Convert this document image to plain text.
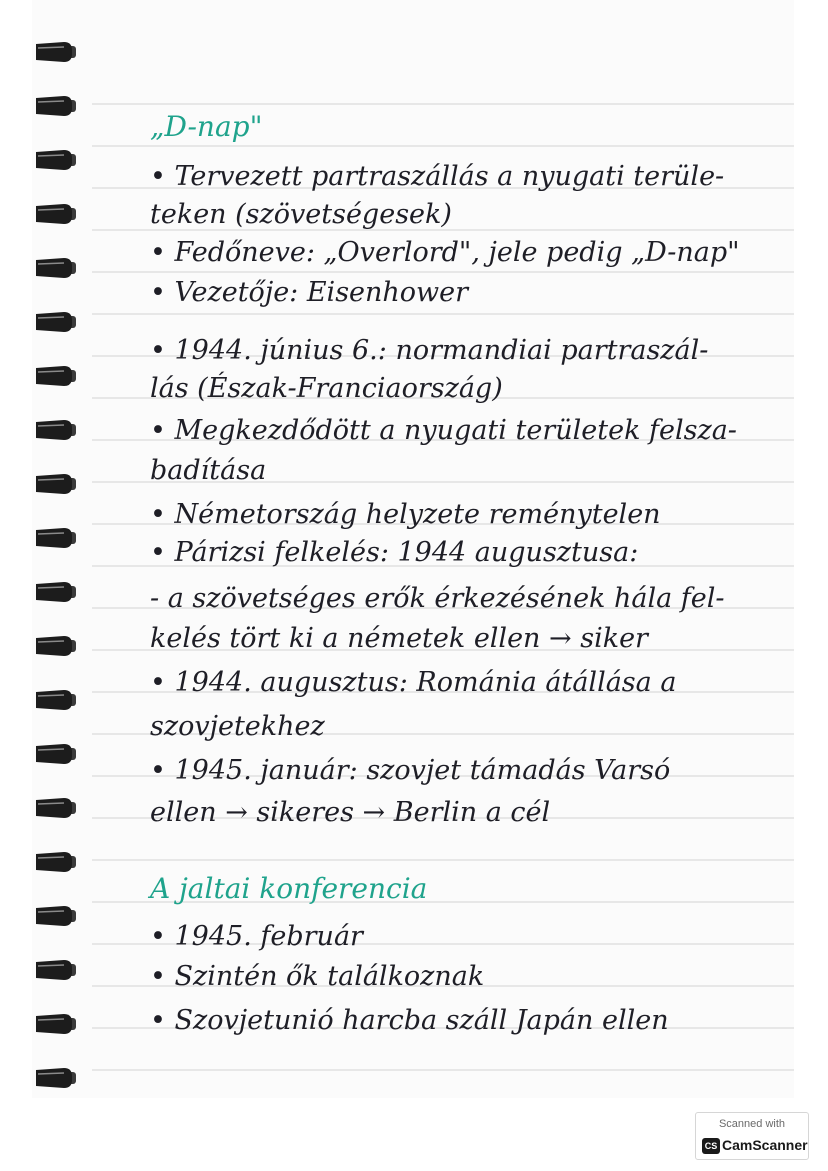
„D-nap"
• Tervezett partraszállás a nyugati terüle-
teken (szövetségesek)
• Fedőneve: „Overlord", jele pedig „D-nap"
• Vezetője: Eisenhower
• 1944. június 6.: normandiai partraszál-
lás (Észak-Franciaország)
• Megkezdődött a nyugati területek felsza-
badítása
• Németország helyzete reménytelen
• Párizsi felkelés: 1944 augusztusa:
- a szövetséges erők érkezésének hála fel-
kelés tört ki a németek ellen → siker
• 1944. augusztus: Románia átállása a
szovjetekhez
• 1945. január: szovjet támadás Varsó
ellen → sikeres → Berlin a cél
A jaltai konferencia
• 1945. február
• Szintén ők találkoznak
• Szovjetunió harcba száll Japán ellen
Scanned with
CS CamScanner
